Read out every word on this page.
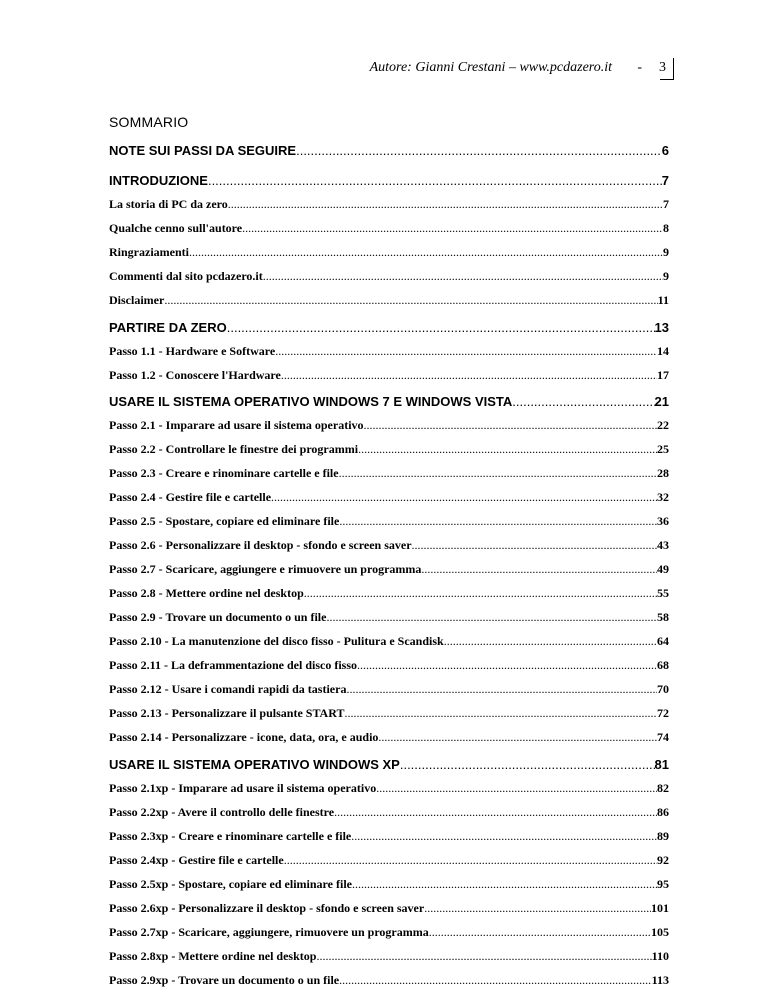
Autore: Gianni Crestani – www.pcdazero.it - 3
SOMMARIO
NOTE SUI PASSI DA SEGUIRE .....	6
INTRODUZIONE .....	7
La storia di PC da zero .....	7
Qualche cenno sull'autore .....	8
Ringraziamenti .....	9
Commenti dal sito pcdazero.it .....	9
Disclaimer .....	11
PARTIRE DA ZERO .....	13
Passo 1.1 - Hardware e Software .....	14
Passo 1.2 - Conoscere l'Hardware .....	17
USARE IL SISTEMA OPERATIVO WINDOWS 7 E WINDOWS VISTA .....	21
Passo 2.1 - Imparare ad usare il sistema operativo .....	22
Passo 2.2 - Controllare le finestre dei programmi .....	25
Passo 2.3 - Creare e rinominare cartelle e file .....	28
Passo 2.4 - Gestire file e cartelle .....	32
Passo 2.5 - Spostare, copiare ed eliminare file .....	36
Passo 2.6 - Personalizzare il desktop - sfondo e screen saver .....	43
Passo 2.7 - Scaricare, aggiungere e rimuovere un programma .....	49
Passo 2.8 - Mettere ordine nel desktop .....	55
Passo 2.9 - Trovare un documento o un file .....	58
Passo 2.10 - La manutenzione del disco fisso - Pulitura e Scandisk .....	64
Passo 2.11 - La deframmentazione del disco fisso .....	68
Passo 2.12 - Usare i comandi rapidi da tastiera .....	70
Passo 2.13 - Personalizzare il pulsante START .....	72
Passo 2.14 - Personalizzare - icone, data, ora, e audio .....	74
USARE IL SISTEMA OPERATIVO WINDOWS XP .....	81
Passo 2.1xp - Imparare ad usare il sistema operativo .....	82
Passo 2.2xp - Avere il controllo delle finestre .....	86
Passo 2.3xp - Creare e rinominare cartelle e file .....	89
Passo 2.4xp - Gestire file e cartelle .....	92
Passo 2.5xp - Spostare, copiare ed eliminare file .....	95
Passo 2.6xp - Personalizzare il desktop - sfondo e screen saver .....	101
Passo 2.7xp - Scaricare, aggiungere, rimuovere un programma .....	105
Passo 2.8xp - Mettere ordine nel desktop .....	110
Passo 2.9xp - Trovare un documento o un file .....	113
